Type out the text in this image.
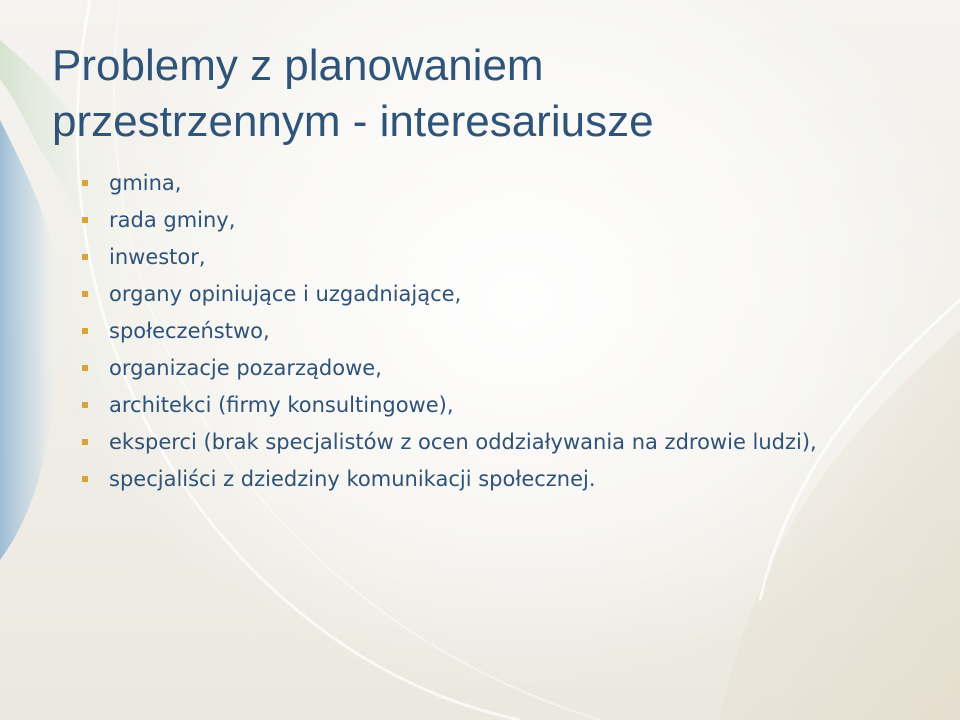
Problemy z planowaniem
przestrzennym - interesariusze
gmina,
rada gminy,
inwestor,
organy opiniujące i uzgadniające,
społeczeństwo,
organizacje pozarządowe,
architekci (firmy konsultingowe),
eksperci (brak specjalistów z ocen oddziaływania na zdrowie ludzi),
specjaliści z dziedziny komunikacji społecznej.
